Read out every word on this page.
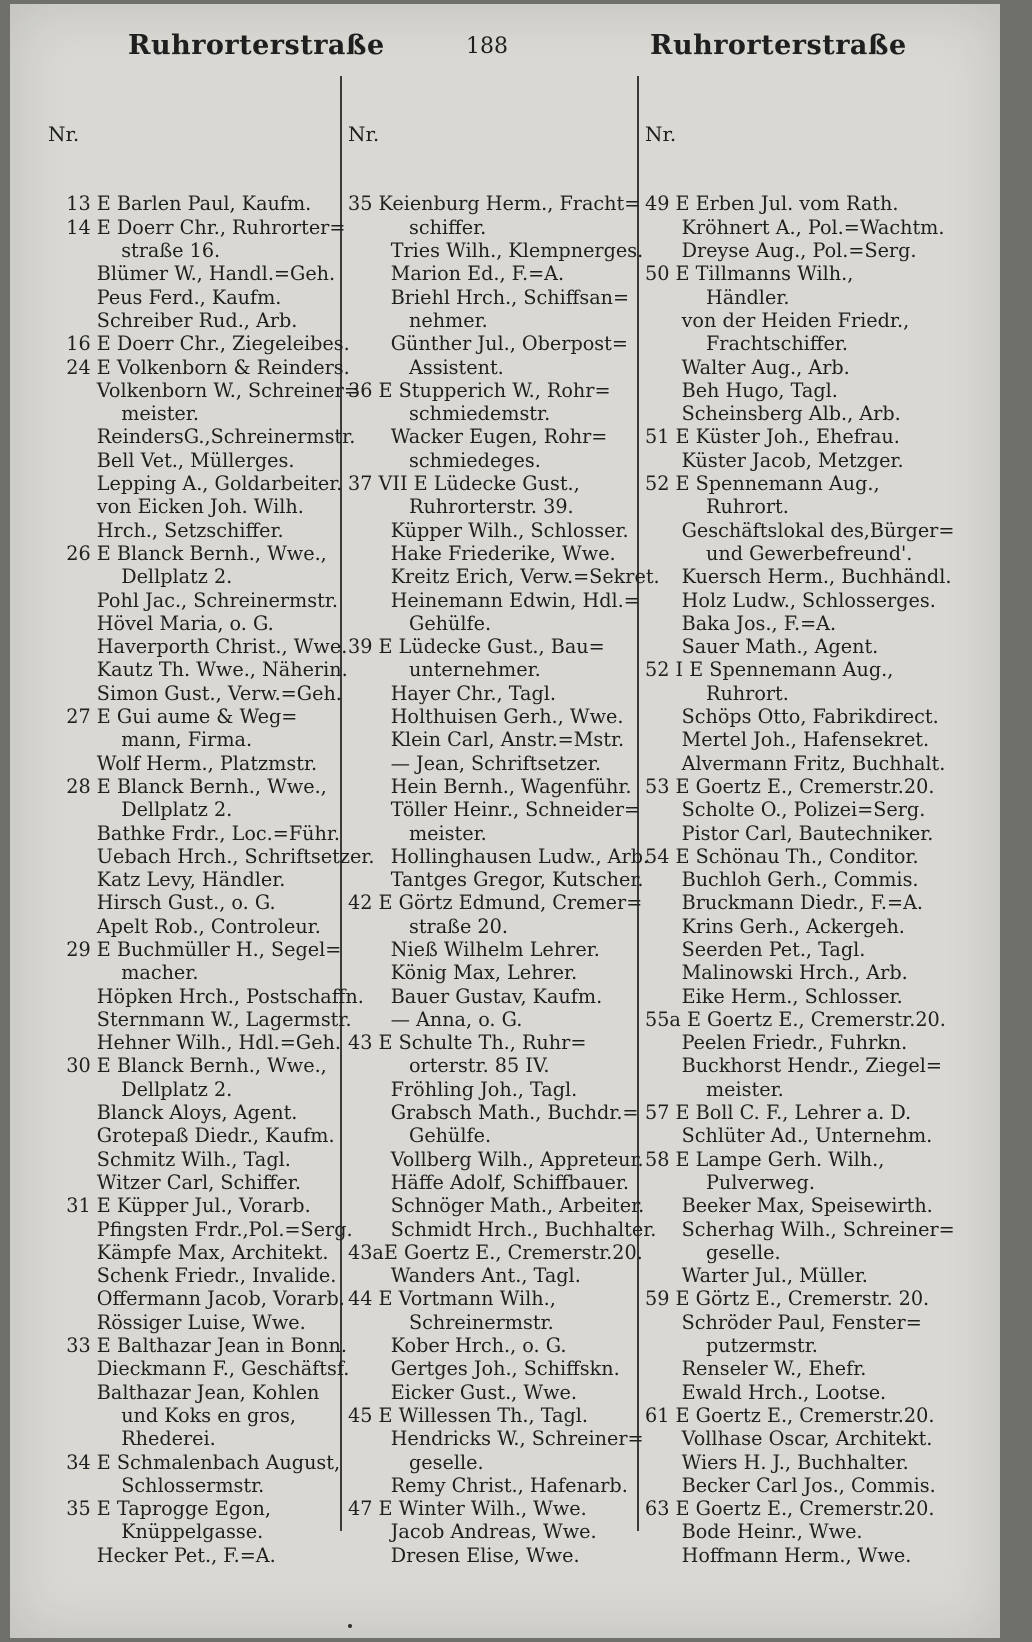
Ruhrorterstraße	188	Ruhrorterstraße

Nr.

13 E Barlen Paul, Kaufm.
14 E Doerr Chr., Ruhrorter=
straße 16.
Blümer W., Handl.=Geh.
Peus Ferd., Kaufm.
Schreiber Rud., Arb.
16 E Doerr Chr., Ziegeleibes.
24 E Volkenborn & Reinders.
Volkenborn W., Schreiner=
meister.
ReindersG.,Schreinermstr.
Bell Vet., Müllerges.
Lepping A., Goldarbeiter.
von Eicken Joh. Wilh.
Hrch., Setzschiffer.
26 E Blanck Bernh., Wwe.,
Dellplatz 2.
Pohl Jac., Schreinermstr.
Hövel Maria, o. G.
Haverporth Christ., Wwe.
Kautz Th. Wwe., Näherin.
Simon Gust., Verw.=Geh.
27 E Gui aume & Weg=
mann, Firma.
Wolf Herm., Platzmstr.
28 E Blanck Bernh., Wwe.,
Dellplatz 2.
Bathke Frdr., Loc.=Führ.
Uebach Hrch., Schriftsetzer.
Katz Levy, Händler.
Hirsch Gust., o. G.
Apelt Rob., Controleur.
29 E Buchmüller H., Segel=
macher.
Höpken Hrch., Postschaffn.
Sternmann W., Lagermstr.
Hehner Wilh., Hdl.=Geh.
30 E Blanck Bernh., Wwe.,
Dellplatz 2.
Blanck Aloys, Agent.
Grotepaß Diedr., Kaufm.
Schmitz Wilh., Tagl.
Witzer Carl, Schiffer.
31 E Küpper Jul., Vorarb.
Pfingsten Frdr.,Pol.=Serg.
Kämpfe Max, Architekt.
Schenk Friedr., Invalide.
Offermann Jacob, Vorarb.
Rössiger Luise, Wwe.
33 E Balthazar Jean in Bonn.
Dieckmann F., Geschäftsf.
Balthazar Jean, Kohlen
und Koks en gros,
Rhederei.
34 E Schmalenbach August,
Schlossermstr.
35 E Taprogge Egon,
Knüppelgasse.
Hecker Pet., F.=A.

Nr.

35 Keienburg Herm., Fracht=
schiffer.
Tries Wilh., Klempnerges.
Marion Ed., F.=A.
Briehl Hrch., Schiffsan=
nehmer.
Günther Jul., Oberpost=
Assistent.
36 E Stupperich W., Rohr=
schmiedemstr.
Wacker Eugen, Rohr=
schmiedeges.
37 VII E Lüdecke Gust.,
Ruhrorterstr. 39.
Küpper Wilh., Schlosser.
Hake Friederike, Wwe.
Kreitz Erich, Verw.=Sekret.
Heinemann Edwin, Hdl.=
Gehülfe.
39 E Lüdecke Gust., Bau=
unternehmer.
Hayer Chr., Tagl.
Holthuisen Gerh., Wwe.
Klein Carl, Anstr.=Mstr.
— Jean, Schriftsetzer.
Hein Bernh., Wagenführ.
Töller Heinr., Schneider=
meister.
Hollinghausen Ludw., Arb.
Tantges Gregor, Kutscher.
42 E Görtz Edmund, Cremer=
straße 20.
Nieß Wilhelm Lehrer.
König Max, Lehrer.
Bauer Gustav, Kaufm.
— Anna, o. G.
43 E Schulte Th., Ruhr=
orterstr. 85 IV.
Fröhling Joh., Tagl.
Grabsch Math., Buchdr.=
Gehülfe.
Vollberg Wilh., Appreteur.
Häffe Adolf, Schiffbauer.
Schnöger Math., Arbeiter.
Schmidt Hrch., Buchhalter.
43aE Goertz E., Cremerstr.20.
Wanders Ant., Tagl.
44 E Vortmann Wilh.,
Schreinermstr.
Kober Hrch., o. G.
Gertges Joh., Schiffskn.
Eicker Gust., Wwe.
45 E Willessen Th., Tagl.
Hendricks W., Schreiner=
geselle.
Remy Christ., Hafenarb.
47 E Winter Wilh., Wwe.
Jacob Andreas, Wwe.
Dresen Elise, Wwe.

Nr.

49 E Erben Jul. vom Rath.
Kröhnert A., Pol.=Wachtm.
Dreyse Aug., Pol.=Serg.
50 E Tillmanns Wilh.,
Händler.
von der Heiden Friedr.,
Frachtschiffer.
Walter Aug., Arb.
Beh Hugo, Tagl.
Scheinsberg Alb., Arb.
51 E Küster Joh., Ehefrau.
Küster Jacob, Metzger.
52 E Spennemann Aug.,
Ruhrort.
Geschäftslokal des,Bürger=
und Gewerbefreund'.
Kuersch Herm., Buchhändl.
Holz Ludw., Schlosserges.
Baka Jos., F.=A.
Sauer Math., Agent.
52 I E Spennemann Aug.,
Ruhrort.
Schöps Otto, Fabrikdirect.
Mertel Joh., Hafensekret.
Alvermann Fritz, Buchhalt.
53 E Goertz E., Cremerstr.20.
Scholte O., Polizei=Serg.
Pistor Carl, Bautechniker.
54 E Schönau Th., Conditor.
Buchloh Gerh., Commis.
Bruckmann Diedr., F.=A.
Krins Gerh., Ackergeh.
Seerden Pet., Tagl.
Malinowski Hrch., Arb.
Eike Herm., Schlosser.
55a E Goertz E., Cremerstr.20.
Peelen Friedr., Fuhrkn.
Buckhorst Hendr., Ziegel=
meister.
57 E Boll C. F., Lehrer a. D.
Schlüter Ad., Unternehm.
58 E Lampe Gerh. Wilh.,
Pulverweg.
Beeker Max, Speisewirth.
Scherhag Wilh., Schreiner=
geselle.
Warter Jul., Müller.
59 E Görtz E., Cremerstr. 20.
Schröder Paul, Fenster=
putzermstr.
Renseler W., Ehefr.
Ewald Hrch., Lootse.
61 E Goertz E., Cremerstr.20.
Vollhase Oscar, Architekt.
Wiers H. J., Buchhalter.
Becker Carl Jos., Commis.
63 E Goertz E., Cremerstr.20.
Bode Heinr., Wwe.
Hoffmann Herm., Wwe.
